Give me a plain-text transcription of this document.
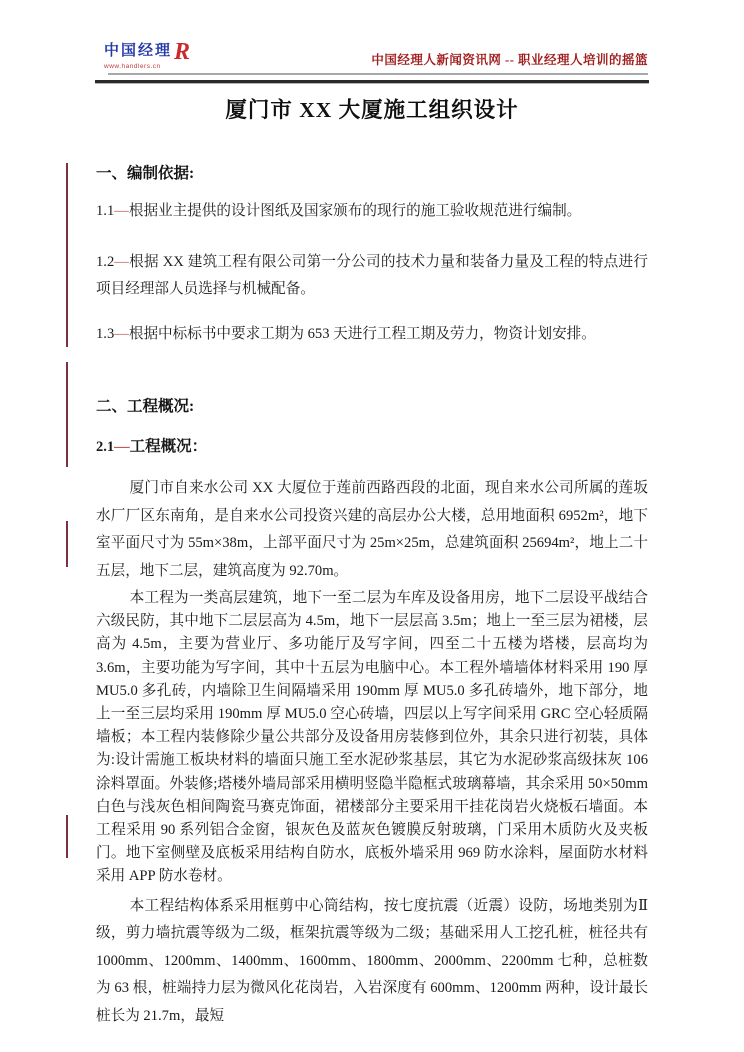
中国经理 R
www.handlers.cn	中国经理人新闻资讯网 -- 职业经理人培训的摇篮
厦门市 XX 大厦施工组织设计
一、编制依据:

1.1—根据业主提供的设计图纸及国家颁布的现行的施工验收规范进行编制。

1.2—根据 XX 建筑工程有限公司第一分公司的技术力量和装备力量及工程的特点进行项目经理部人员选择与机械配备。

1.3—根据中标标书中要求工期为 653 天进行工程工期及劳力，物资计划安排。

二、工程概况:

2.1—工程概况：

厦门市自来水公司 XX 大厦位于莲前西路西段的北面，现自来水公司所属的莲坂水厂厂区东南角，是自来水公司投资兴建的高层办公大楼，总用地面积 6952m²，地下室平面尺寸为 55m×38m，上部平面尺寸为 25m×25m，总建筑面积 25694m²，地上二十五层，地下二层，建筑高度为 92.70m。

本工程为一类高层建筑，地下一至二层为车库及设备用房，地下二层设平战结合六级民防，其中地下二层层高为 4.5m，地下一层层高 3.5m；地上一至三层为裙楼，层高为 4.5m，主要为营业厅、多功能厅及写字间，四至二十五楼为塔楼，层高均为 3.6m，主要功能为写字间，其中十五层为电脑中心。本工程外墙墙体材料采用 190 厚 MU5.0 多孔砖，内墙除卫生间隔墙采用 190mm 厚 MU5.0 多孔砖墙外，地下部分，地上一至三层均采用 190mm 厚 MU5.0 空心砖墙，四层以上写字间采用 GRC 空心轻质隔墙板；本工程内装修除少量公共部分及设备用房装修到位外，其余只进行初装，具体为:设计需施工板块材料的墙面只施工至水泥砂浆基层，其它为水泥砂浆高级抹灰 106 涂料罩面。外装修;塔楼外墙局部采用横明竖隐半隐框式玻璃幕墙，其余采用 50×50mm 白色与浅灰色相间陶瓷马赛克饰面，裙楼部分主要采用干挂花岗岩火烧板石墙面。本工程采用 90 系列铝合金窗，银灰色及蓝灰色镀膜反射玻璃，门采用木质防火及夹板门。地下室侧壁及底板采用结构自防水，底板外墙采用 969 防水涂料，屋面防水材料采用 APP 防水卷材。

本工程结构体系采用框剪中心筒结构，按七度抗震（近震）设防，场地类别为Ⅱ级，剪力墙抗震等级为二级，框架抗震等级为二级；基础采用人工挖孔桩，桩径共有 1000mm、1200mm、1400mm、1600mm、1800mm、2000mm、2200mm 七种，总桩数为 63 根，桩端持力层为微风化花岗岩，入岩深度有 600mm、1200mm 两种，设计最长桩长为 21.7m，最短
